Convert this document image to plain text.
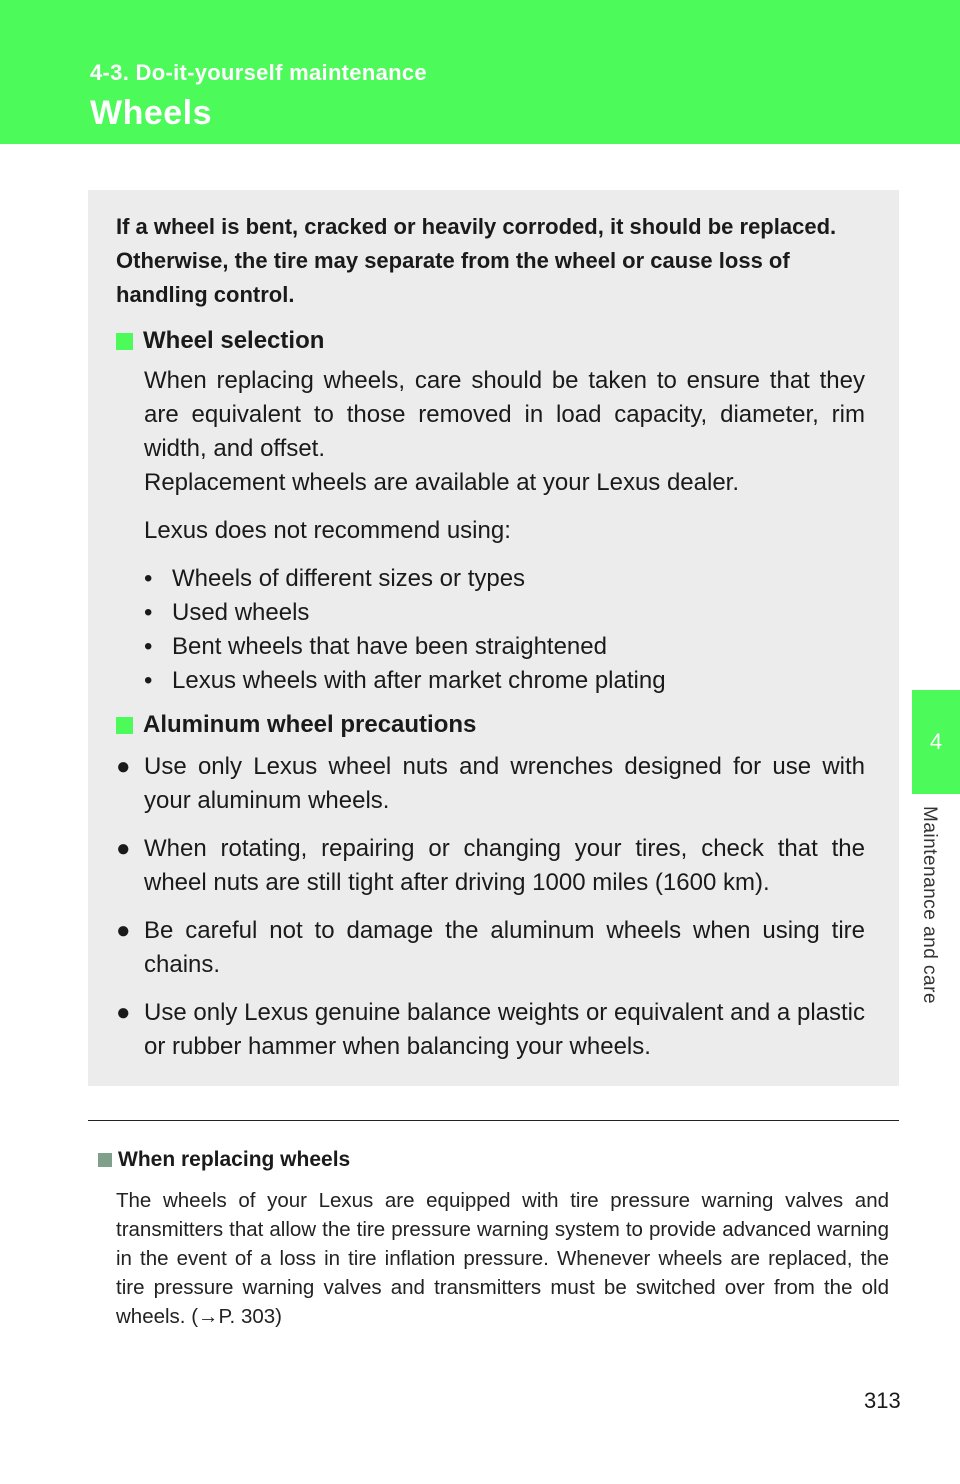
4-3. Do-it-yourself maintenance
Wheels
4
Maintenance and care

If a wheel is bent, cracked or heavily corroded, it should be replaced. Otherwise, the tire may separate from the wheel or cause loss of handling control.

Wheel selection

When replacing wheels, care should be taken to ensure that they are equivalent to those removed in load capacity, diameter, rim width, and offset.

Replacement wheels are available at your Lexus dealer.

Lexus does not recommend using:

• Wheels of different sizes or types
• Used wheels
• Bent wheels that have been straightened
• Lexus wheels with after market chrome plating
Aluminum wheel precautions
● Use only Lexus wheel nuts and wrenches designed for use with your aluminum wheels.
● When rotating, repairing or changing your tires, check that the wheel nuts are still tight after driving 1000 miles (1600 km).
● Be careful not to damage the aluminum wheels when using tire chains.
● Use only Lexus genuine balance weights or equivalent and a plastic or rubber hammer when balancing your wheels.
When replacing wheels
The wheels of your Lexus are equipped with tire pressure warning valves and transmitters that allow the tire pressure warning system to provide advanced warning in the event of a loss in tire inflation pressure. Whenever wheels are replaced, the tire pressure warning valves and transmitters must be switched over from the old wheels. (→P. 303)
313
